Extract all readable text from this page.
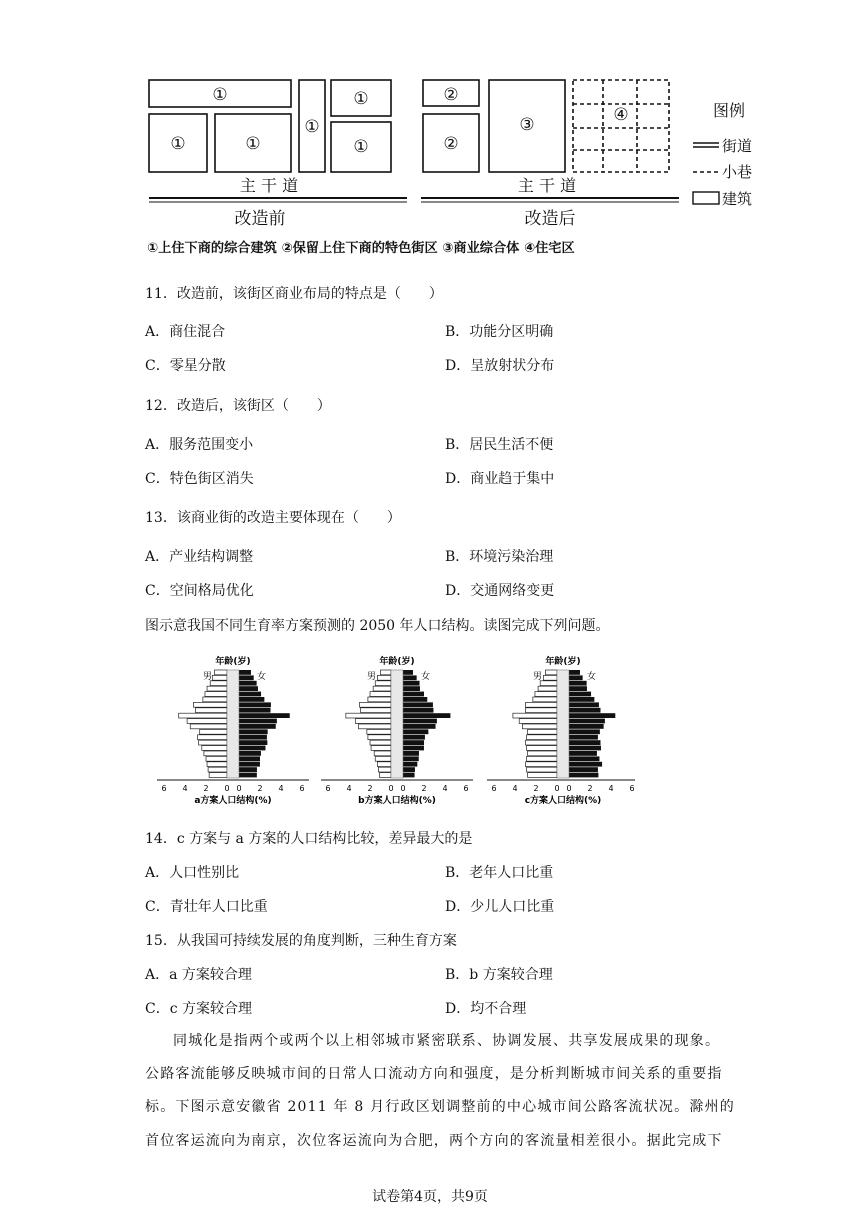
①
①	①
①
①
①
主 干 道
改造前
②
②
③	④
主 干 道
改造后
图例
街道
小巷
建筑
①上住下商的综合建筑 ②保留上住下商的特色街区 ③商业综合体 ④住宅区
11．改造前，该街区商业布局的特点是（　　）
A．商住混合	B．功能分区明确
C．零星分散	D．呈放射状分布
12．改造后，该街区（　　）
A．服务范围变小	B．居民生活不便
C．特色街区消失	D．商业趋于集中
13．该商业街的改造主要体现在（　　）
A．产业结构调整	B．环境污染治理
C．空间格局优化	D．交通网络变更
图示意我国不同生育率方案预测的 2050 年人口结构。读图完成下列问题。
年龄(岁)
男	女
6 4 2 0 0 2 4 6
a方案人口结构(%)
年龄(岁)
男	女
6 4 2 0 0 2 4 6
b方案人口结构(%)
年龄(岁)
男	女
6 4 2 0 0 2 4 6
c方案人口结构(%)
14．c 方案与 a 方案的人口结构比较，差异最大的是
A．人口性别比	B．老年人口比重
C．青壮年人口比重	D．少儿人口比重
15．从我国可持续发展的角度判断，三种生育方案
A．a 方案较合理	B．b 方案较合理
C．c 方案较合理	D．均不合理
同城化是指两个或两个以上相邻城市紧密联系、协调发展、共享发展成果的现象。
公路客流能够反映城市间的日常人口流动方向和强度，是分析判断城市间关系的重要指
标。下图示意安徽省 2011 年 8 月行政区划调整前的中心城市间公路客流状况。滁州的
首位客运流向为南京，次位客运流向为合肥，两个方向的客流量相差很小。据此完成下
试卷第4页，共9页
